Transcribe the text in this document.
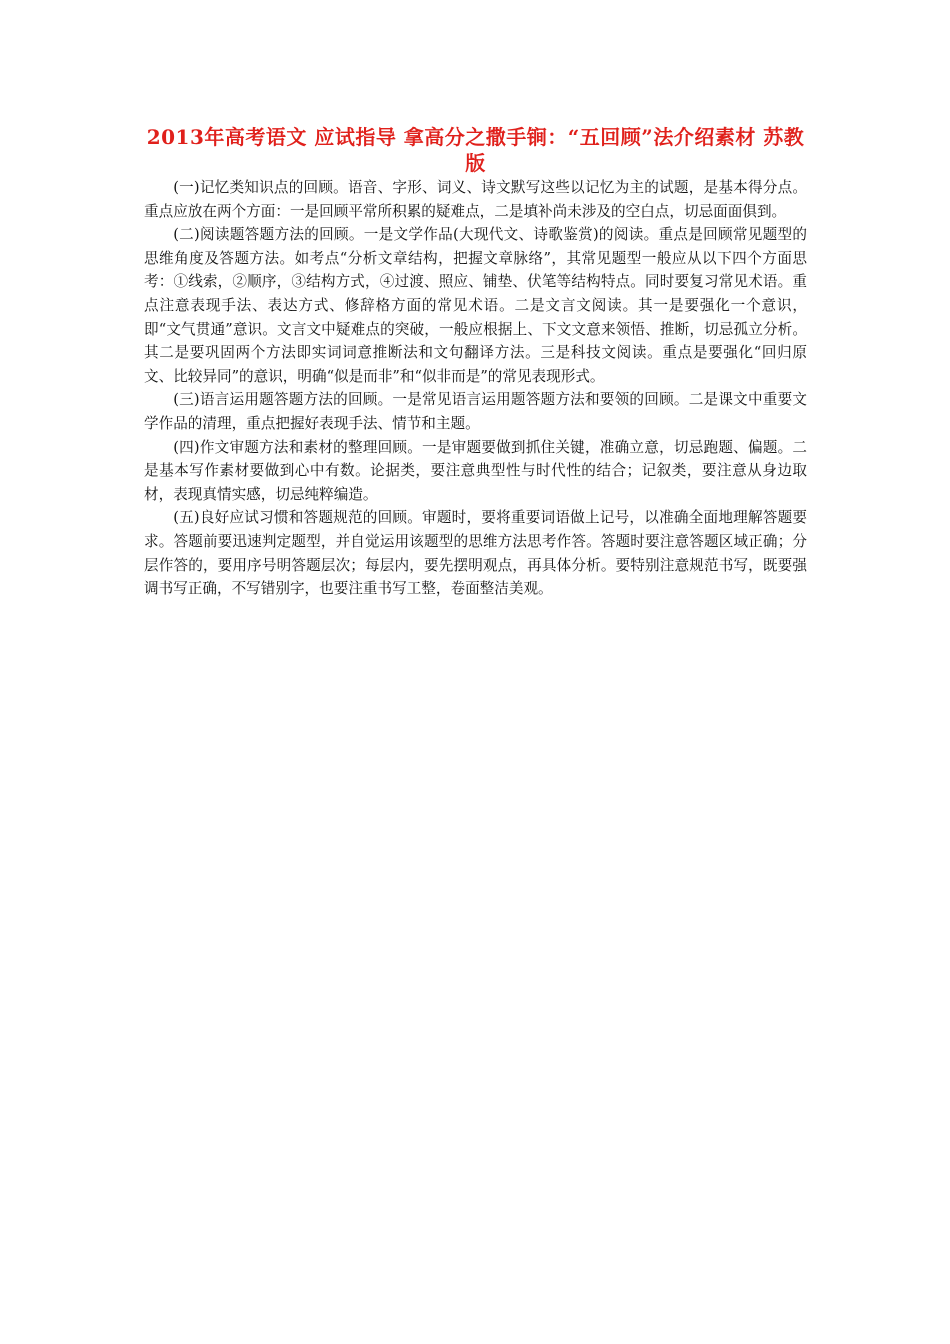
2013年高考语文 应试指导 拿高分之撒手锏：“五回顾”法介绍素材 苏教版

(一)记忆类知识点的回顾。语音、字形、词义、诗文默写这些以记忆为主的试题，是基本得分点。重点应放在两个方面：一是回顾平常所积累的疑难点，二是填补尚未涉及的空白点，切忌面面俱到。

(二)阅读题答题方法的回顾。一是文学作品(大现代文、诗歌鉴赏)的阅读。重点是回顾常见题型的思维角度及答题方法。如考点“分析文章结构，把握文章脉络”，其常见题型一般应从以下四个方面思考：①线索，②顺序，③结构方式，④过渡、照应、铺垫、伏笔等结构特点。同时要复习常见术语。重点注意表现手法、表达方式、修辞格方面的常见术语。二是文言文阅读。其一是要强化一个意识，即“文气贯通”意识。文言文中疑难点的突破，一般应根据上、下文文意来领悟、推断，切忌孤立分析。其二是要巩固两个方法即实词词意推断法和文句翻译方法。三是科技文阅读。重点是要强化“回归原文、比较异同”的意识，明确“似是而非”和“似非而是”的常见表现形式。

(三)语言运用题答题方法的回顾。一是常见语言运用题答题方法和要领的回顾。二是课文中重要文学作品的清理，重点把握好表现手法、情节和主题。

(四)作文审题方法和素材的整理回顾。一是审题要做到抓住关键，准确立意，切忌跑题、偏题。二是基本写作素材要做到心中有数。论据类，要注意典型性与时代性的结合；记叙类，要注意从身边取材，表现真情实感，切忌纯粹编造。

(五)良好应试习惯和答题规范的回顾。审题时，要将重要词语做上记号，以准确全面地理解答题要求。答题前要迅速判定题型，并自觉运用该题型的思维方法思考作答。答题时要注意答题区域正确；分层作答的，要用序号明答题层次；每层内，要先摆明观点，再具体分析。要特别注意规范书写，既要强调书写正确，不写错别字，也要注重书写工整，卷面整洁美观。
